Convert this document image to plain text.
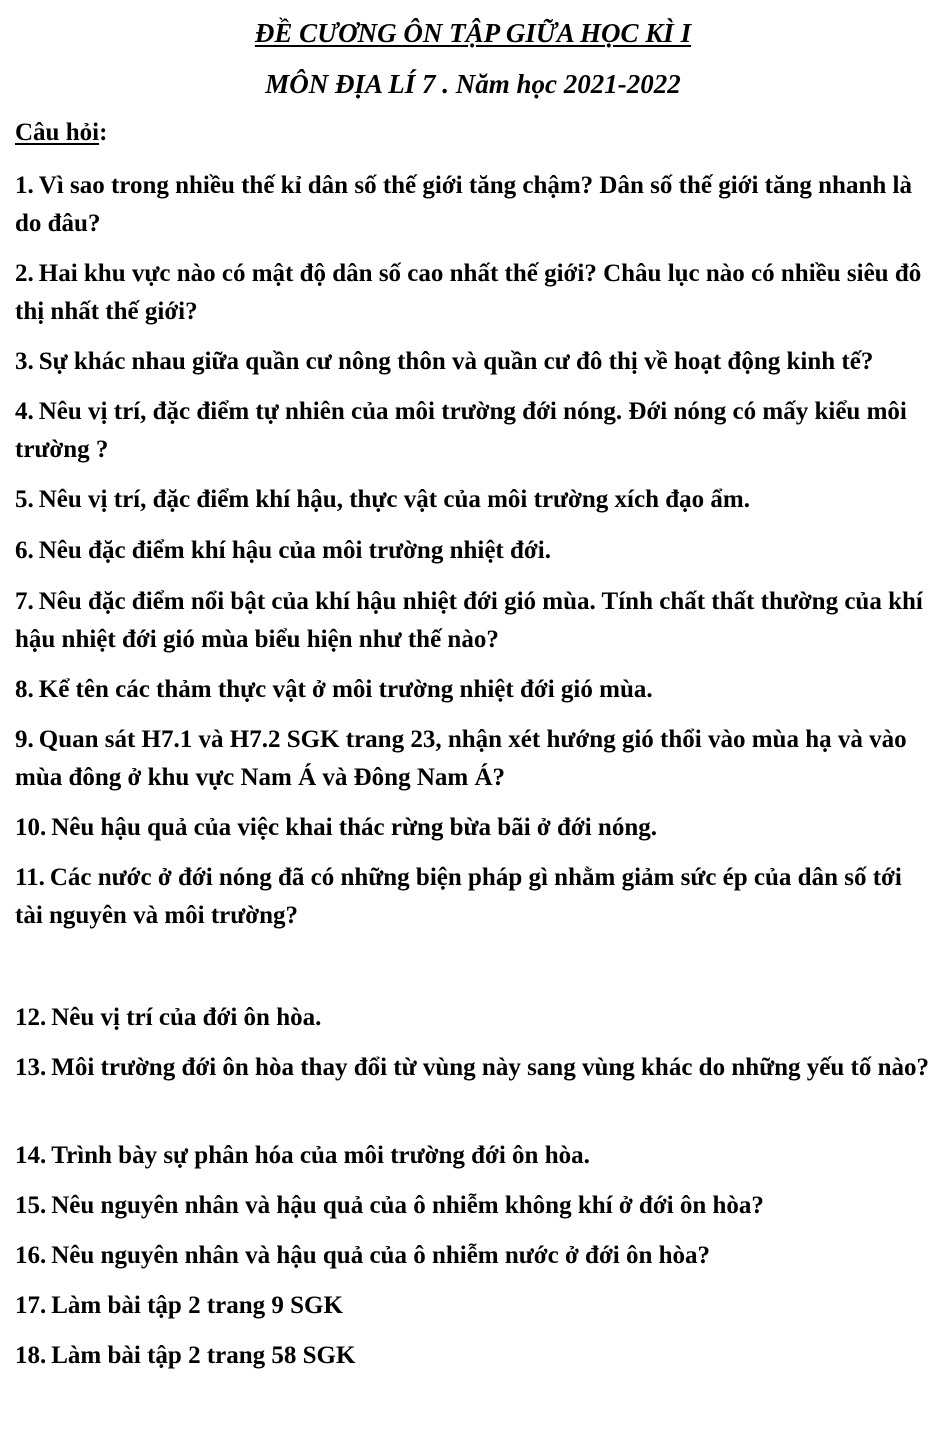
ĐỀ CƯƠNG ÔN TẬP GIỮA HỌC KÌ I
MÔN ĐỊA LÍ 7 . Năm học 2021-2022
Câu hỏi:
1. Vì sao trong nhiều thế kỉ dân số thế giới tăng chậm? Dân số thế giới tăng nhanh là do đâu?
2. Hai khu vực nào có mật độ dân số cao nhất thế giới? Châu lục nào có nhiều siêu đô thị nhất thế giới?
3. Sự khác nhau giữa quần cư nông thôn và quần cư đô thị về hoạt động kinh tế?
4. Nêu vị trí, đặc điểm tự nhiên của môi trường đới nóng. Đới nóng có mấy kiểu môi trường ?
5. Nêu vị trí, đặc điểm khí hậu, thực vật của môi trường xích đạo ẩm.
6. Nêu đặc điểm khí hậu của môi trường nhiệt đới.
7. Nêu đặc điểm nổi bật của khí hậu nhiệt đới gió mùa. Tính chất thất thường của khí hậu nhiệt đới gió mùa biểu hiện như thế nào?
8. Kể tên các thảm thực vật ở môi trường nhiệt đới gió mùa.
9. Quan sát H7.1 và H7.2 SGK trang 23, nhận xét hướng gió thổi vào mùa hạ và vào mùa đông ở khu vực Nam Á và Đông Nam Á?
10. Nêu hậu quả của việc khai thác rừng bừa bãi ở đới nóng.
11. Các nước ở đới nóng đã có những biện pháp gì nhằm giảm sức ép của dân số tới tài nguyên và môi trường?
12. Nêu vị trí của đới ôn hòa.
13. Môi trường đới ôn hòa thay đổi từ vùng này sang vùng khác do những yếu tố nào?
14. Trình bày sự phân hóa của môi trường đới ôn hòa.
15. Nêu nguyên nhân và hậu quả của ô nhiễm không khí ở đới ôn hòa?
16. Nêu nguyên nhân và hậu quả của ô nhiễm nước ở đới ôn hòa?
17. Làm bài tập 2 trang 9 SGK
18. Làm bài tập 2 trang 58 SGK
